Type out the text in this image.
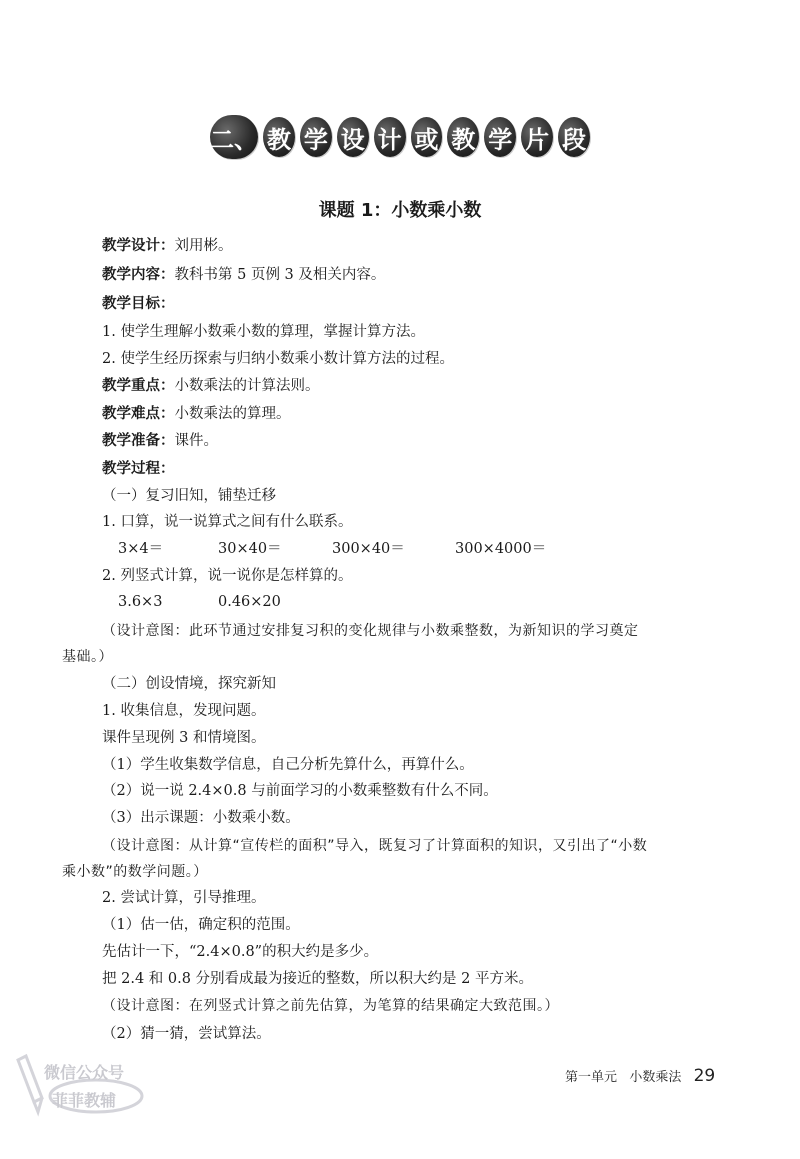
二、 教 学 设 计 或 教 学 片 段
课题 1：小数乘小数
教学设计：刘用彬。
教学内容：教科书第 5 页例 3 及相关内容。
教学目标：
1. 使学生理解小数乘小数的算理，掌握计算方法。
2. 使学生经历探索与归纳小数乘小数计算方法的过程。
教学重点：小数乘法的计算法则。
教学难点：小数乘法的算理。
教学准备：课件。
教学过程：
（一）复习旧知，铺垫迁移
1. 口算，说一说算式之间有什么联系。
3×4＝	30×40＝	300×40＝	300×4000＝
2. 列竖式计算，说一说你是怎样算的。
3.6×3	0.46×20
（设计意图：此环节通过安排复习积的变化规律与小数乘整数，为新知识的学习奠定
基础。）
（二）创设情境，探究新知
1. 收集信息，发现问题。
课件呈现例 3 和情境图。
（1）学生收集数学信息，自己分析先算什么，再算什么。
（2）说一说 2.4×0.8 与前面学习的小数乘整数有什么不同。
（3）出示课题：小数乘小数。
（设计意图：从计算“宣传栏的面积”导入，既复习了计算面积的知识，又引出了“小数
乘小数”的数学问题。）
2. 尝试计算，引导推理。
（1）估一估，确定积的范围。
先估计一下，“2.4×0.8”的积大约是多少。
把 2.4 和 0.8 分别看成最为接近的整数，所以积大约是 2 平方米。
（设计意图：在列竖式计算之前先估算，为笔算的结果确定大致范围。）
（2）猜一猜，尝试算法。
微信公众号
菲菲教辅
第一单元 小数乘法 29
